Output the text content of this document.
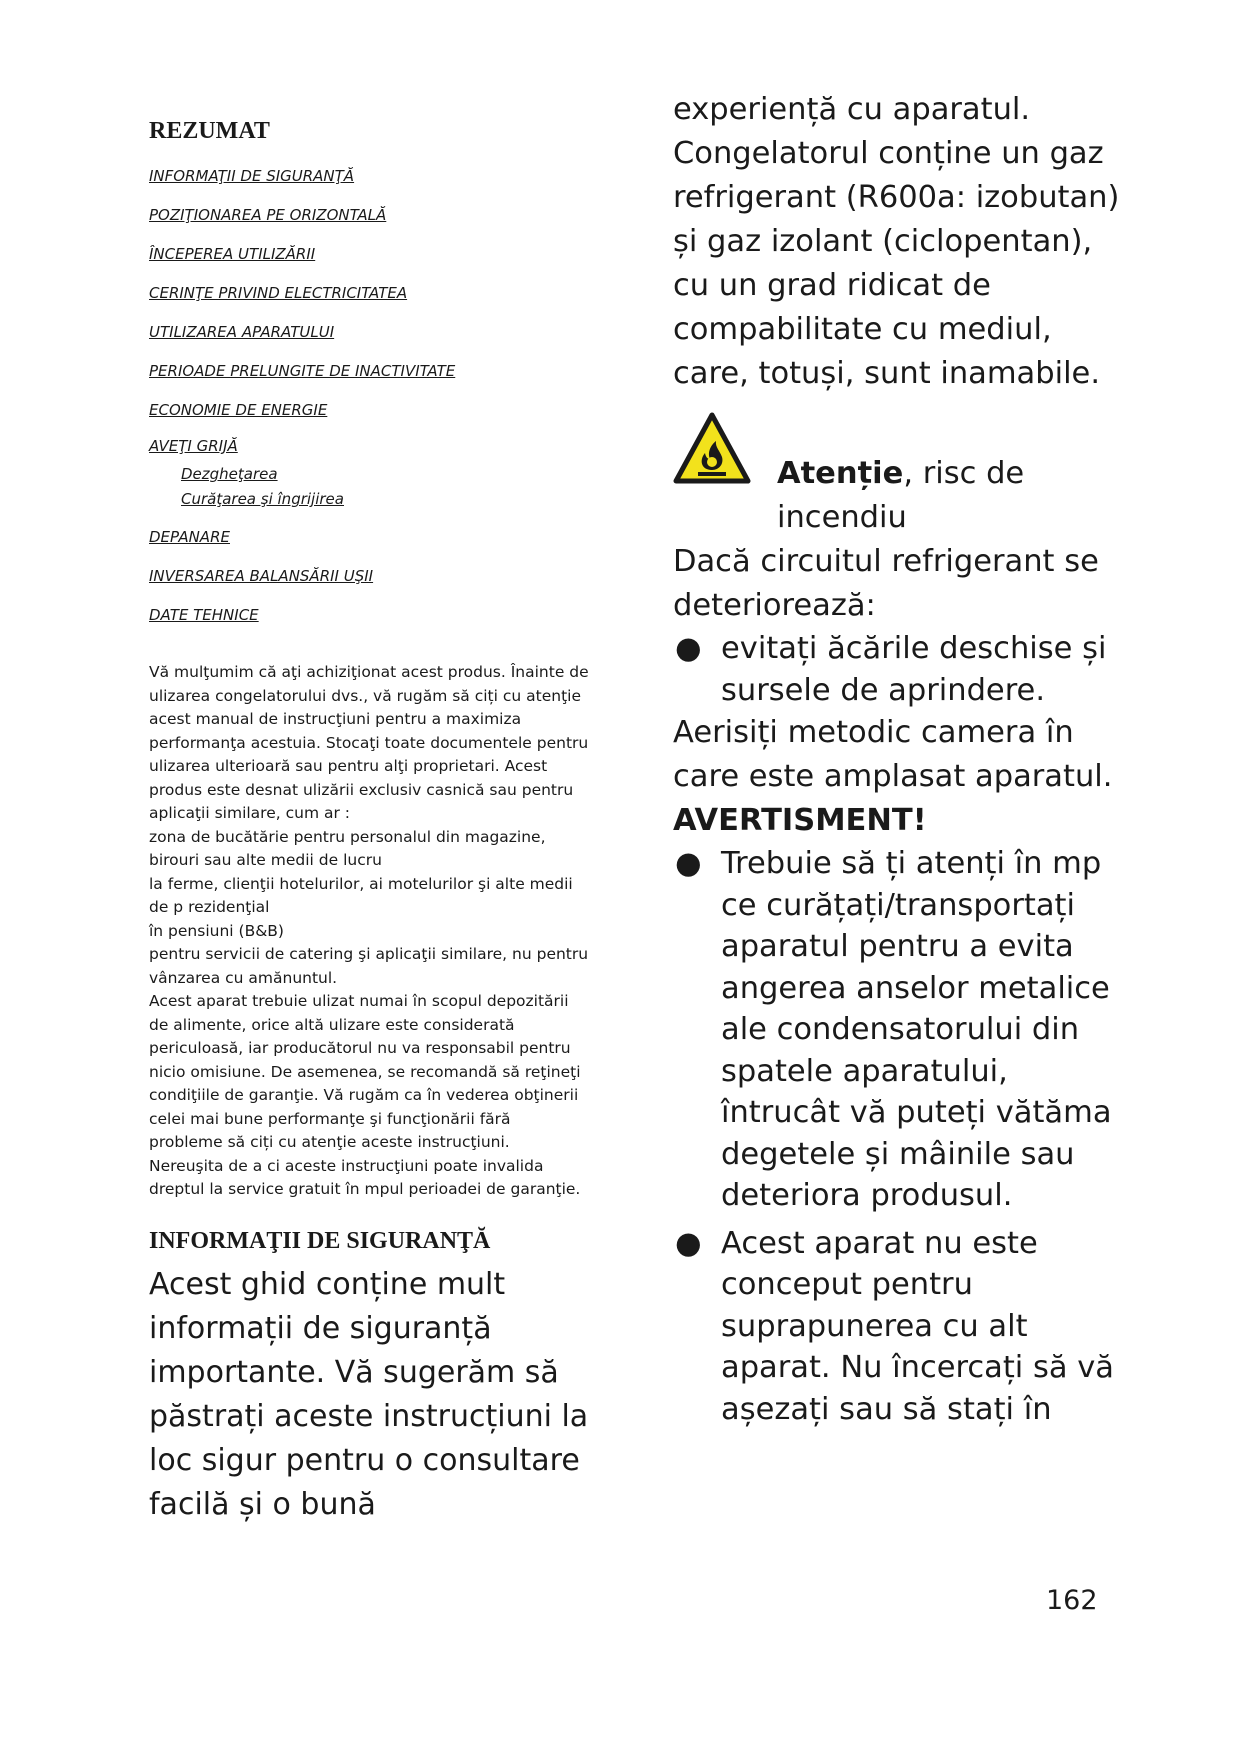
REZUMAT
INFORMAŢII DE SIGURANŢĂ
POZIŢIONAREA PE ORIZONTALĂ
ÎNCEPEREA UTILIZĂRII
CERINŢE PRIVIND ELECTRICITATEA
UTILIZAREA APARATULUI
PERIOADE PRELUNGITE DE INACTIVITATE
ECONOMIE DE ENERGIE
AVEŢI GRIJĂ
Dezgheţarea
Curăţarea şi îngrijirea
DEPANARE
INVERSAREA BALANSĂRII UŞII
DATE TEHNICE

Vă mulţumim că aţi achiziţionat acest produs. Înainte de ulizarea congelatorului dvs., vă rugăm să ciți cu atenţie acest manual de instrucţiuni pentru a maximiza performanţa acestuia. Stocaţi toate documentele pentru ulizarea ulterioară sau pentru alţi proprietari. Acest produs este desnat ulizării exclusiv casnică sau pentru aplicaţii similare, cum ar :

zona de bucătărie pentru personalul din magazine, birouri sau alte medii de lucru

la ferme, clienţii hotelurilor, ai motelurilor şi alte medii de p rezidenţial

în pensiuni (B&B)

pentru servicii de catering şi aplicaţii similare, nu pentru vânzarea cu amănuntul.

Acest aparat trebuie ulizat numai în scopul depozitării de alimente, orice altă ulizare este considerată periculoasă, iar producătorul nu va responsabil pentru nicio omisiune. De asemenea, se recomandă să reţineţi condiţiile de garanţie. Vă rugăm ca în vederea obţinerii celei mai bune performanţe şi funcţionării fără probleme să ciți cu atenţie aceste instrucţiuni. Nereuşita de a ci aceste instrucţiuni poate invalida dreptul la service gratuit în mpul perioadei de garanţie.

INFORMAŢII DE SIGURANŢĂ

Acest ghid conține mult informații de siguranță importante. Vă sugerăm să păstrați aceste instrucțiuni la loc sigur pentru o consultare facilă și o bună

experiență cu aparatul. Congelatorul conține un gaz refrigerant (R600a: izobutan) și gaz izolant (ciclopentan), cu un grad ridicat de compabilitate cu mediul, care, totuși, sunt inamabile.

Atenție, risc de incendiu

Dacă circuitul refrigerant se deteriorează:

● evitați ăcările deschise și sursele de aprindere.

Aerisiți metodic camera în care este amplasat aparatul.

AVERTISMENT!

● Trebuie să ți atenți în mp ce curățați/transportați aparatul pentru a evita angerea anselor metalice ale condensatorului din spatele aparatului, întrucât vă puteți vătăma degetele și mâinile sau deteriora produsul.
● Acest aparat nu este conceput pentru suprapunerea cu alt aparat. Nu încercați să vă așezați sau să stați în
162
